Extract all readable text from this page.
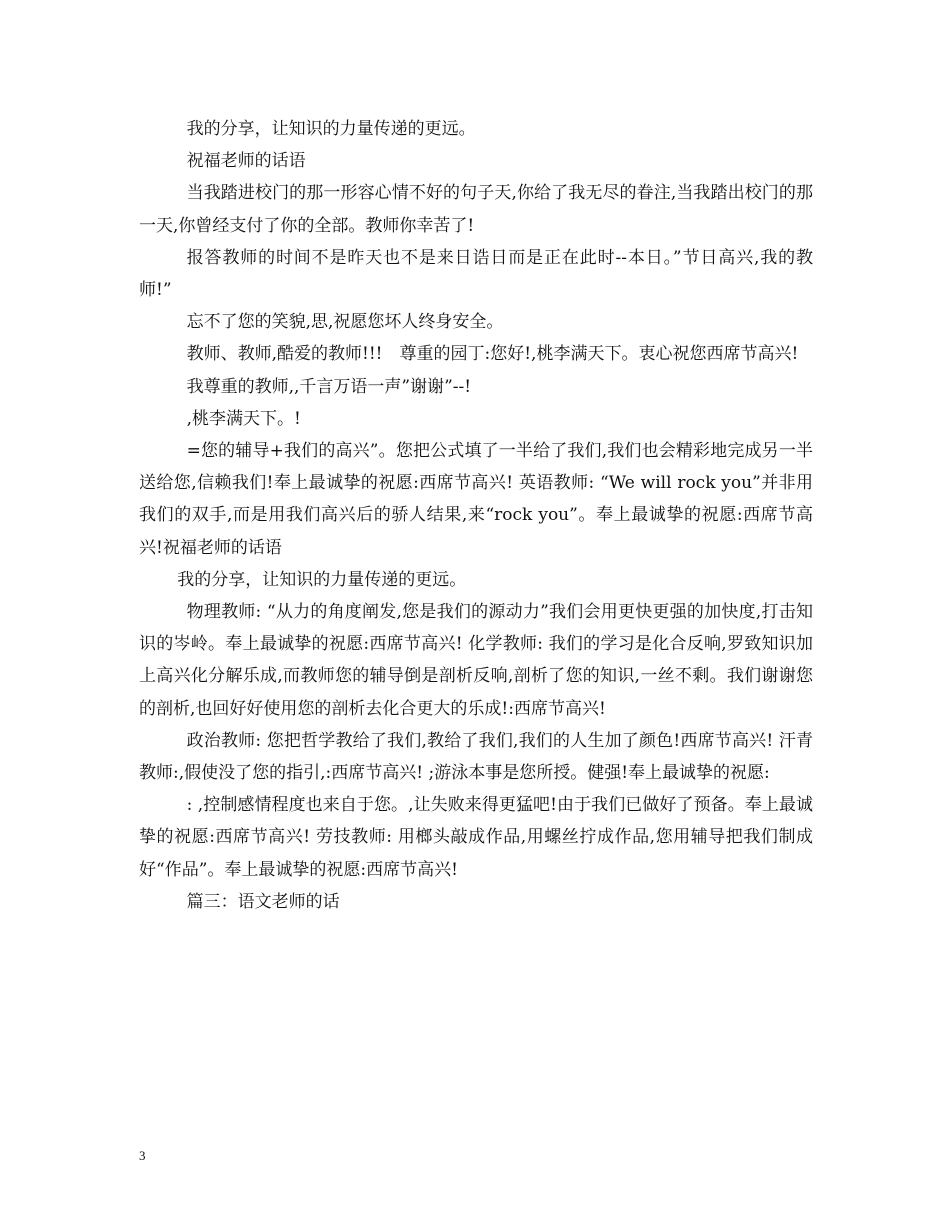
我的分享，让知识的力量传递的更远。

祝福老师的话语

当我踏进校门的那一形容心情不好的句子天,你给了我无尽的眷注,当我踏出校门的那一天,你曾经支付了你的全部。教师你幸苦了!

报答教师的时间不是昨天也不是来日诰日而是正在此时--本日。”节日高兴,我的教师!”

忘不了您的笑貌,思,祝愿您坏人终身安全。

教师、教师,酷爱的教师!!!　尊重的园丁:您好!,桃李满天下。衷心祝您西席节高兴!

我尊重的教师,,千言万语一声”谢谢”--!

,桃李满天下。!

=您的辅导+我们的高兴”。您把公式填了一半给了我们,我们也会精彩地完成另一半送给您,信赖我们!奉上最诚挚的祝愿:西席节高兴! 英语教师: “We will rock you”并非用我们的双手,而是用我们高兴后的骄人结果,来“rock you”。奉上最诚挚的祝愿:西席节高兴!祝福老师的话语

我的分享，让知识的力量传递的更远。

物理教师: “从力的角度阐发,您是我们的源动力”我们会用更快更强的加快度,打击知识的岑岭。奉上最诚挚的祝愿:西席节高兴! 化学教师: 我们的学习是化合反响,罗致知识加上高兴化分解乐成,而教师您的辅导倒是剖析反响,剖析了您的知识,一丝不剩。我们谢谢您的剖析,也回好好使用您的剖析去化合更大的乐成!:西席节高兴!

政治教师: 您把哲学教给了我们,教给了我们,我们的人生加了颜色!西席节高兴! 汗青教师:,假使没了您的指引,:西席节高兴! ;游泳本事是您所授。健强!奉上最诚挚的祝愿:

: ,控制感情程度也来自于您。,让失败来得更猛吧!由于我们已做好了预备。奉上最诚挚的祝愿:西席节高兴! 劳技教师: 用榔头敲成作品,用螺丝拧成作品,您用辅导把我们制成好“作品”。奉上最诚挚的祝愿:西席节高兴!

篇三：语文老师的话

3
